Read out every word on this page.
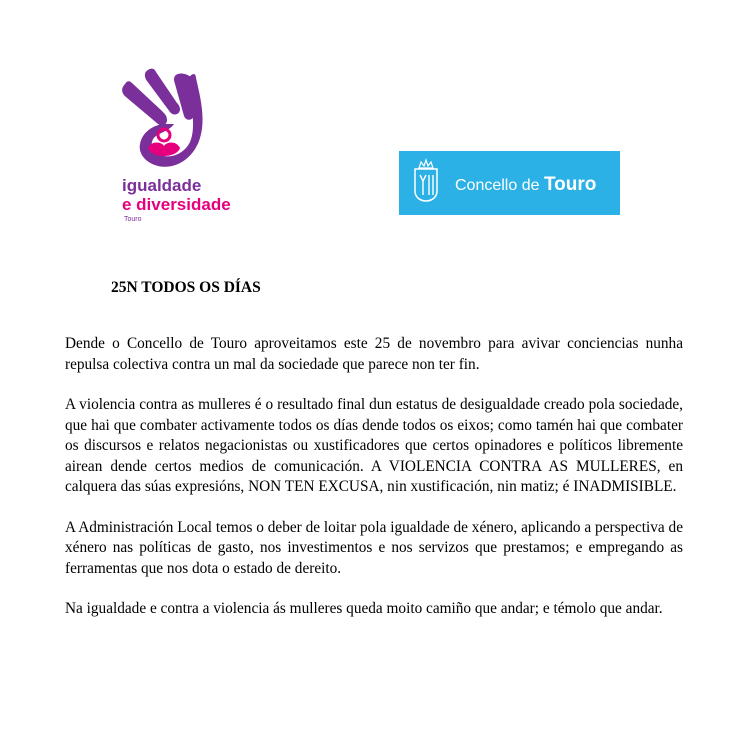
igualdade
e diversidade
Touro
Concello de Touro
25N TODOS OS DÍAS

Dende o Concello de Touro aproveitamos este 25 de novembro para avivar conciencias nunha repulsa colectiva contra un mal da sociedade que parece non ter fin.

A violencia contra as mulleres é o resultado final dun estatus de desigualdade creado pola sociedade, que hai que combater activamente todos os días dende todos os eixos; como tamén hai que combater os discursos e relatos negacionistas ou xustificadores que certos opinadores e políticos libremente airean dende certos medios de comunicación. A VIOLENCIA CONTRA AS MULLERES, en calquera das súas expresións, NON TEN EXCUSA, nin xustificación, nin matiz; é INADMISIBLE.

A Administración Local temos o deber de loitar pola igualdade de xénero, aplicando a perspectiva de xénero nas políticas de gasto, nos investimentos e nos servizos que prestamos; e empregando as ferramentas que nos dota o estado de dereito.

Na igualdade e contra a violencia ás mulleres queda moito camiño que andar; e témolo que andar.
